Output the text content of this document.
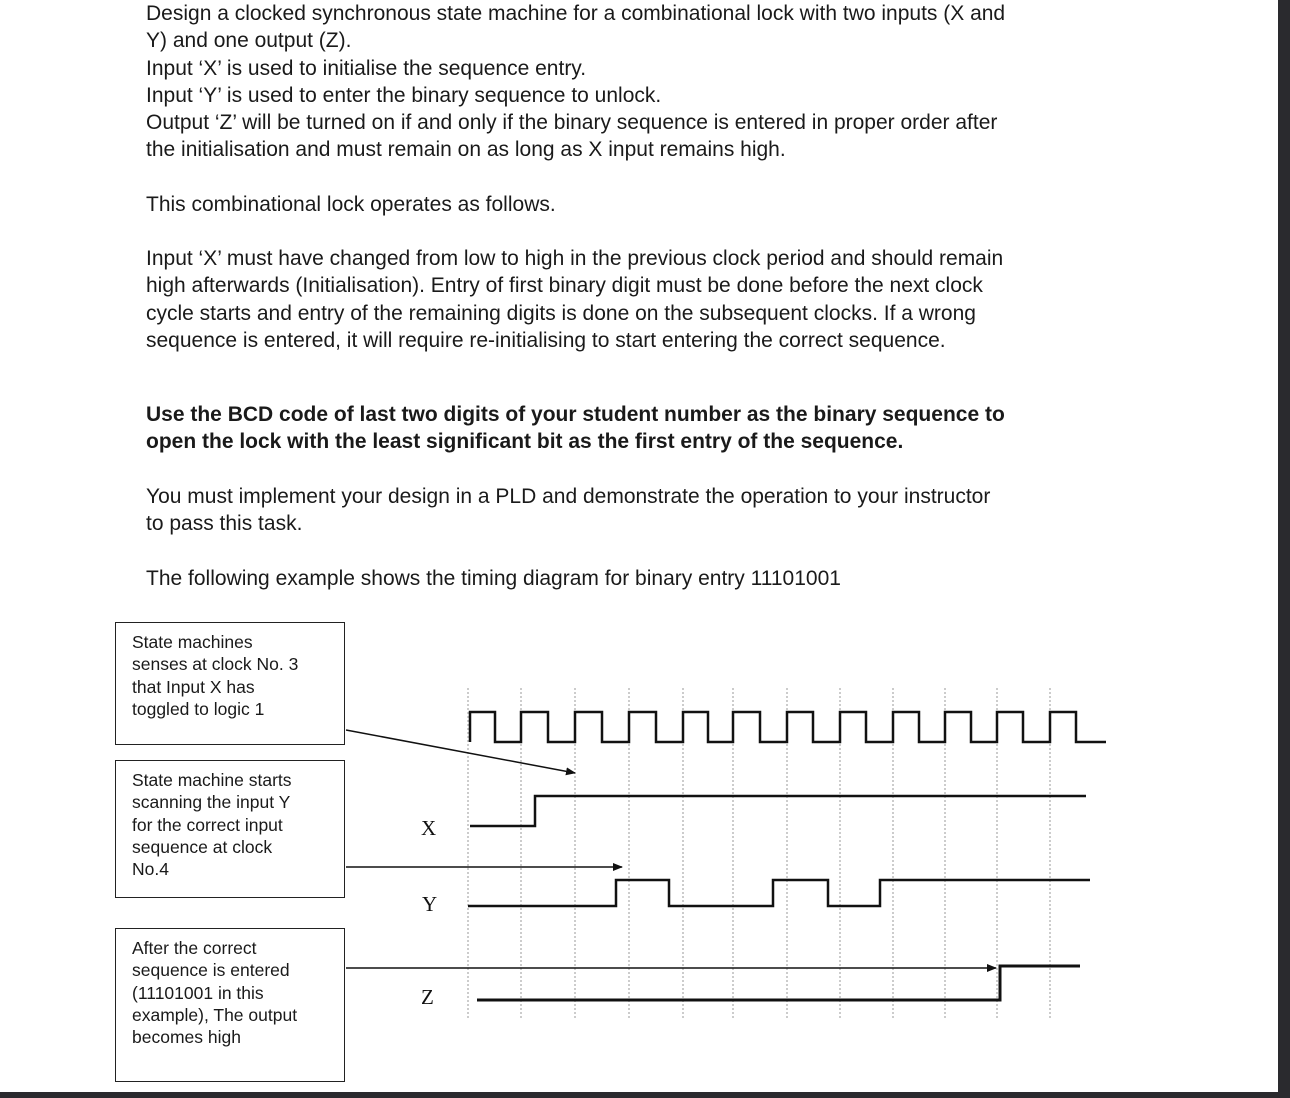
Design a clocked synchronous state machine for a combinational lock with two inputs (X and
Y) and one output (Z).
Input ‘X’ is used to initialise the sequence entry.
Input ‘Y’ is used to enter the binary sequence to unlock.
Output ‘Z’ will be turned on if and only if the binary sequence is entered in proper order after
the initialisation and must remain on as long as X input remains high.
This combinational lock operates as follows.
Input ‘X’ must have changed from low to high in the previous clock period and should remain
high afterwards (Initialisation). Entry of first binary digit must be done before the next clock
cycle starts and entry of the remaining digits is done on the subsequent clocks. If a wrong
sequence is entered, it will require re-initialising to start entering the correct sequence.
Use the BCD code of last two digits of your student number as the binary sequence to
open the lock with the least significant bit as the first entry of the sequence.
You must implement your design in a PLD and demonstrate the operation to your instructor
to pass this task.
The following example shows the timing diagram for binary entry 11101001
X
Y
Z
State machines
senses at clock No. 3
that Input X has
toggled to logic 1
State machine starts
scanning the input Y
for the correct input
sequence at clock
No.4
After the correct
sequence is entered
(11101001 in this
example), The output
becomes high
